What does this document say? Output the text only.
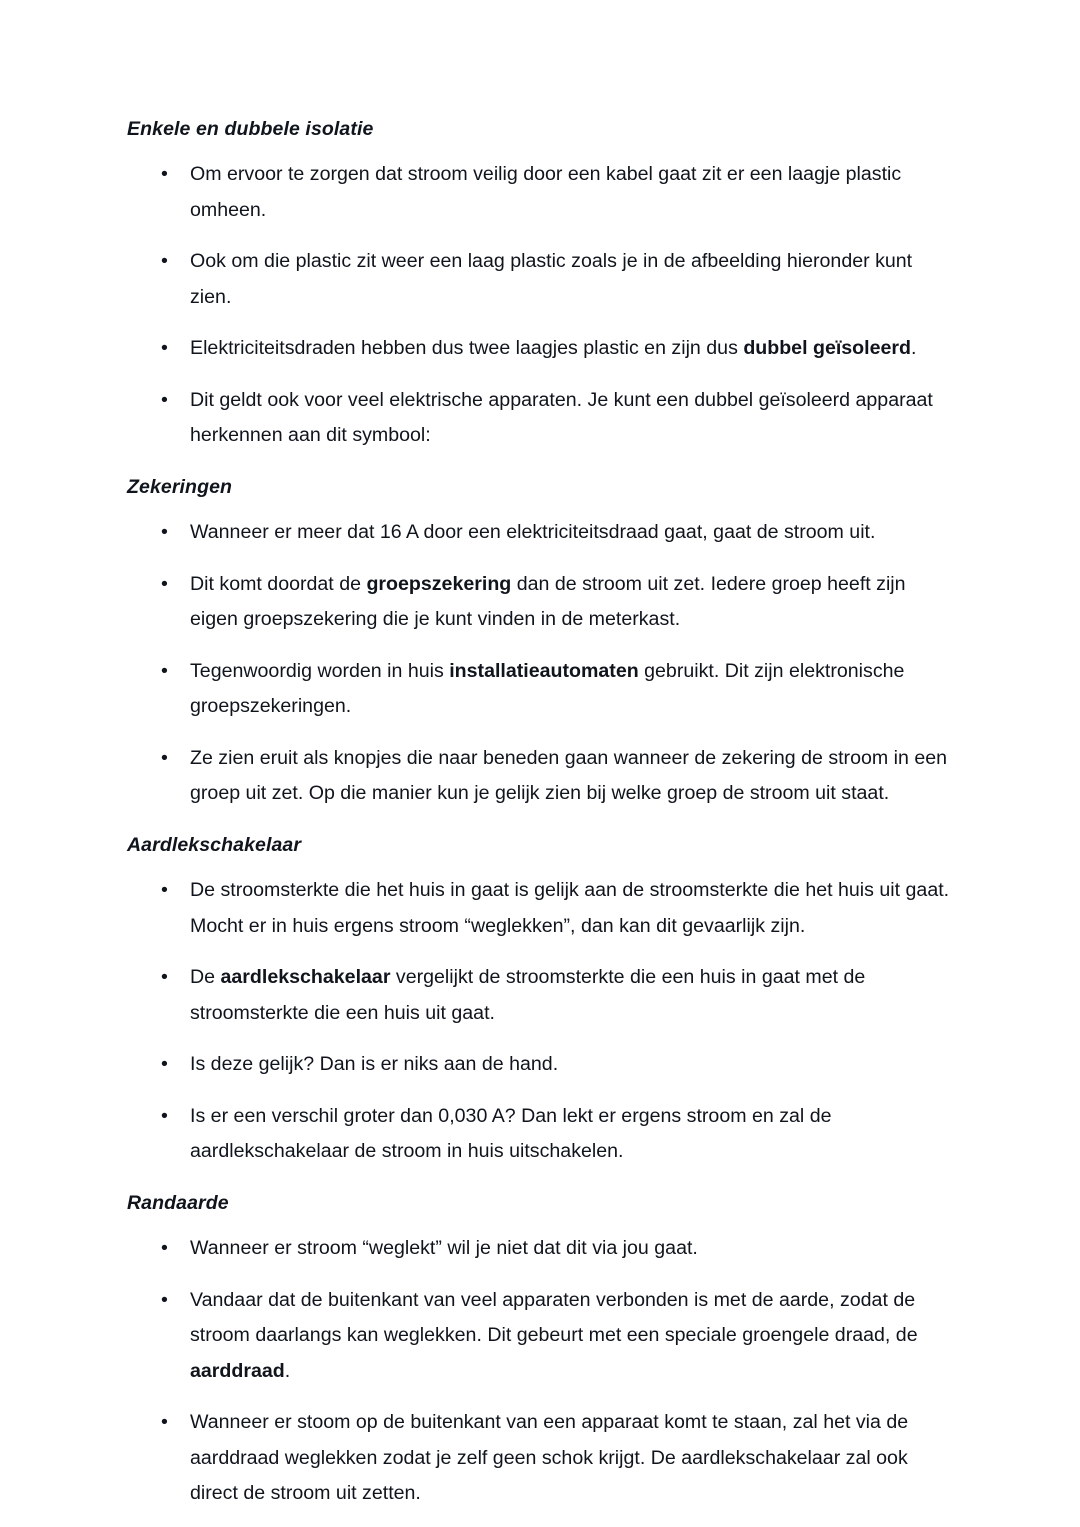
Enkele en dubbele isolatie
• Om ervoor te zorgen dat stroom veilig door een kabel gaat zit er een laagje plastic omheen.
• Ook om die plastic zit weer een laag plastic zoals je in de afbeelding hieronder kunt zien.
• Elektriciteitsdraden hebben dus twee laagjes plastic en zijn dus dubbel geïsoleerd.
• Dit geldt ook voor veel elektrische apparaten. Je kunt een dubbel geïsoleerd apparaat herkennen aan dit symbool:
Zekeringen
• Wanneer er meer dat 16 A door een elektriciteitsdraad gaat, gaat de stroom uit.
• Dit komt doordat de groepszekering dan de stroom uit zet. Iedere groep heeft zijn eigen groepszekering die je kunt vinden in de meterkast.
• Tegenwoordig worden in huis installatieautomaten gebruikt. Dit zijn elektronische groepszekeringen.
• Ze zien eruit als knopjes die naar beneden gaan wanneer de zekering de stroom in een groep uit zet. Op die manier kun je gelijk zien bij welke groep de stroom uit staat.
Aardlekschakelaar
• De stroomsterkte die het huis in gaat is gelijk aan de stroomsterkte die het huis uit gaat. Mocht er in huis ergens stroom “weglekken”, dan kan dit gevaarlijk zijn.
• De aardlekschakelaar vergelijkt de stroomsterkte die een huis in gaat met de stroomsterkte die een huis uit gaat.
• Is deze gelijk? Dan is er niks aan de hand.
• Is er een verschil groter dan 0,030 A? Dan lekt er ergens stroom en zal de aardlekschakelaar de stroom in huis uitschakelen.
Randaarde
• Wanneer er stroom “weglekt” wil je niet dat dit via jou gaat.
• Vandaar dat de buitenkant van veel apparaten verbonden is met de aarde, zodat de stroom daarlangs kan weglekken. Dit gebeurt met een speciale groengele draad, de aarddraad.
• Wanneer er stoom op de buitenkant van een apparaat komt te staan, zal het via de aarddraad weglekken zodat je zelf geen schok krijgt. De aardlekschakelaar zal ook direct de stroom uit zetten.
